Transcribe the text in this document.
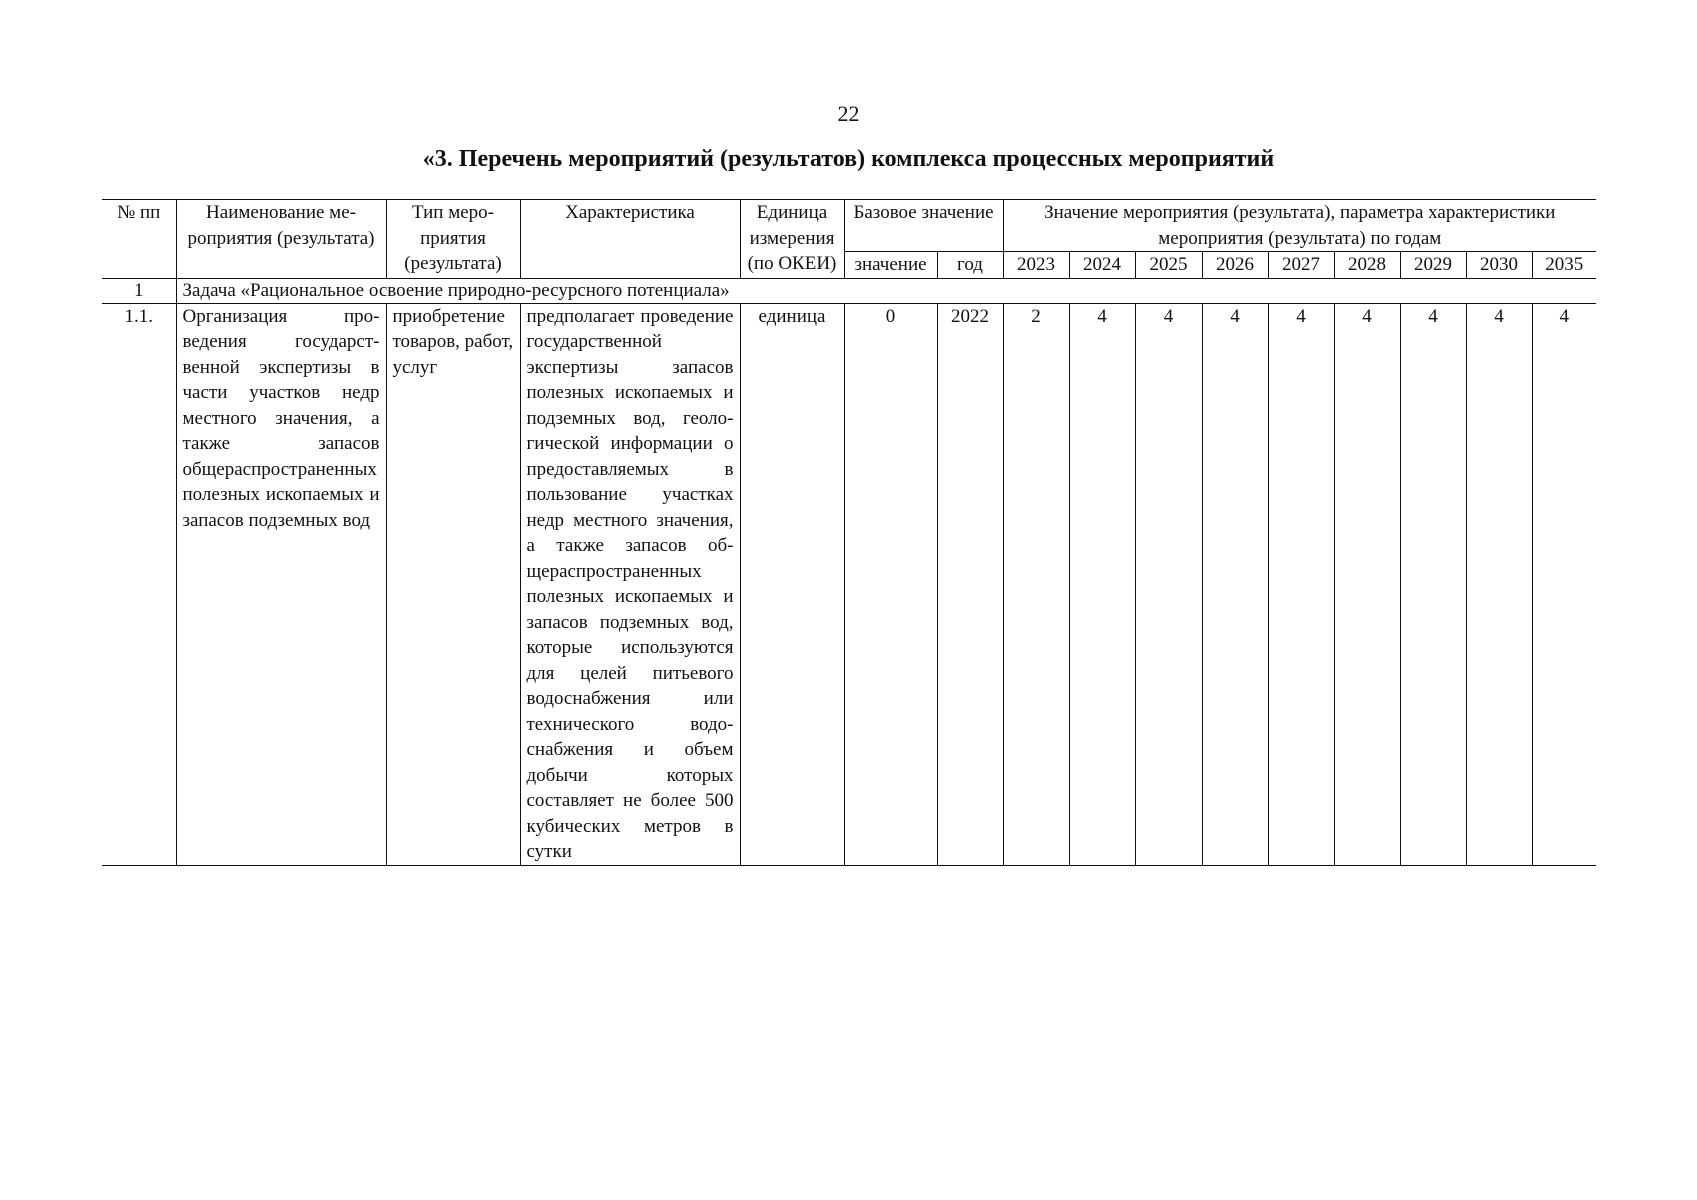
22
«3. Перечень мероприятий (результатов) комплекса процессных мероприятий
№ пп	Наименование мероприятия (результата)	Тип мероприятия (результата)	Характеристика	Единица измерения (по ОКЕИ)	Базовое значение		Значение мероприятия (результата), параметра характеристики мероприятия (результата) по годам								
					значение	год	2023	2024	2025	2026	2027	2028	2029	2030	2035
1	Задача «Рациональное освоение природно-ресурсного потенциала»														
1.1.	Организация проведения государственной экспертизы в части участков недр местного значения, а также запасов общераспространенных полезных ископаемых и запасов подземных вод	приобретение товаров, работ, услуг	предполагает проведение государственной экспертизы запасов полезных ископаемых и подземных вод, геологической информации о предоставляемых в пользование участках недр местного значения, а также запасов общераспространенных полезных ископаемых и запасов подземных вод, которые используются для целей питьевого водоснабжения или технического водоснабжения и объем добычи которых составляет не более 500 кубических метров в сутки	единица	0	2022	2	4	4	4	4	4	4	4	4
